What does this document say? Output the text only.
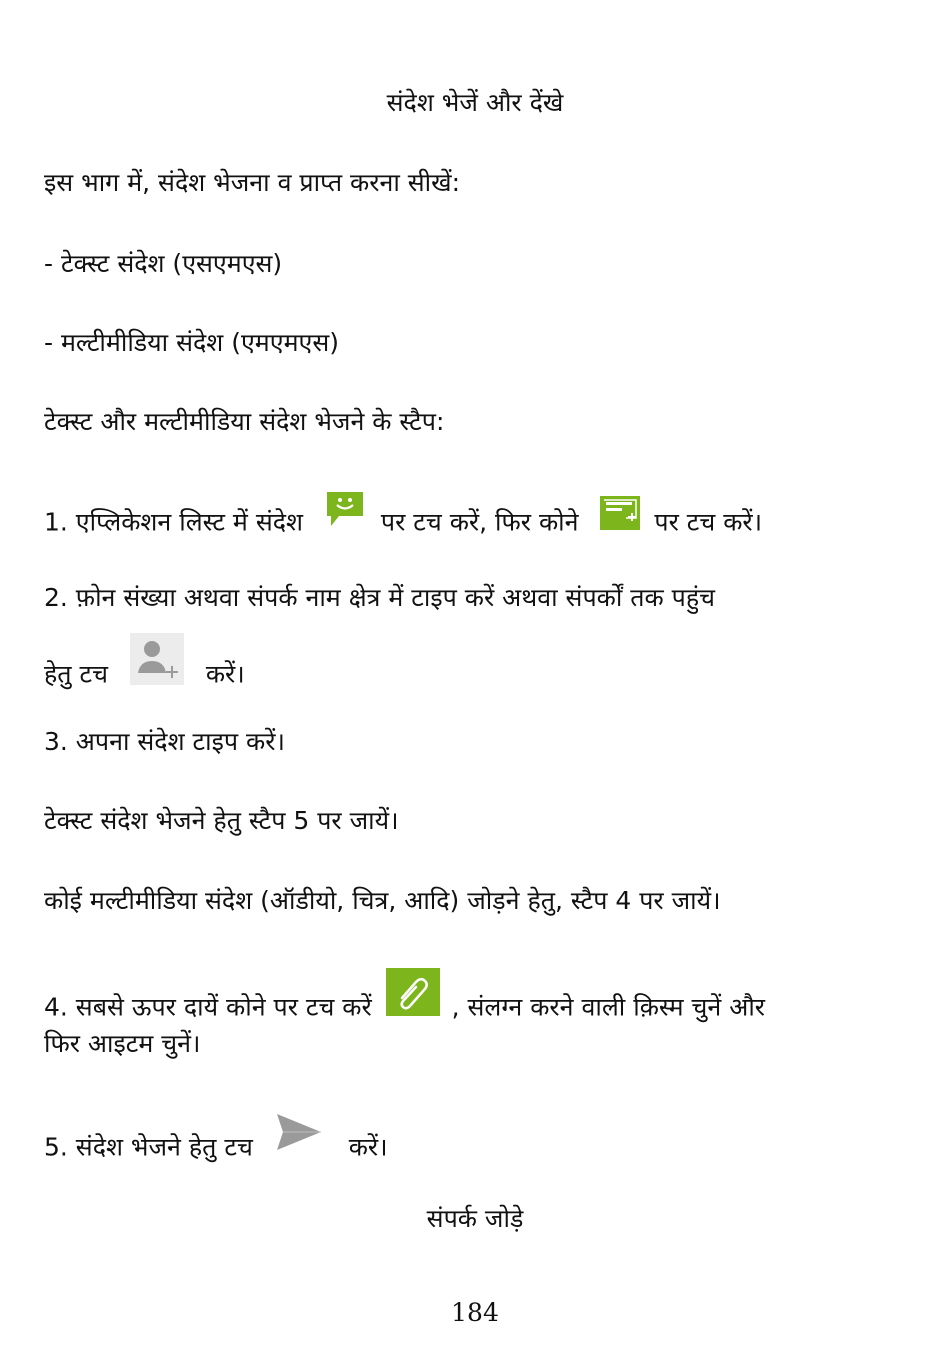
संदेश भेजें और देंखे
इस भाग में, संदेश भेजना व प्राप्त करना सीखें:
- टेक्स्ट संदेश (एसएमएस)
- मल्टीमीडिया संदेश (एमएमएस)
टेक्स्ट और मल्टीमीडिया संदेश भेजने के स्टैप:
1. एप्लिकेशन लिस्ट में संदेश	पर टच करें, फिर कोने	पर टच करें।
2. फ़ोन संख्या अथवा संपर्क नाम क्षेत्र में टाइप करें अथवा संपर्कों तक पहुंच
हेतु टच	करें।
3. अपना संदेश टाइप करें।
टेक्स्ट संदेश भेजने हेतु स्टैप 5 पर जायें।
कोई मल्टीमीडिया संदेश (ऑडीयो, चित्र, आदि) जोड़ने हेतु, स्टैप 4 पर जायें।
4. सबसे ऊपर दायें कोने पर टच करें	, संलग्न करने वाली क़िस्म चुनें और
फिर आइटम चुनें।
5. संदेश भेजने हेतु टच	करें।
संपर्क जोड़े
184
